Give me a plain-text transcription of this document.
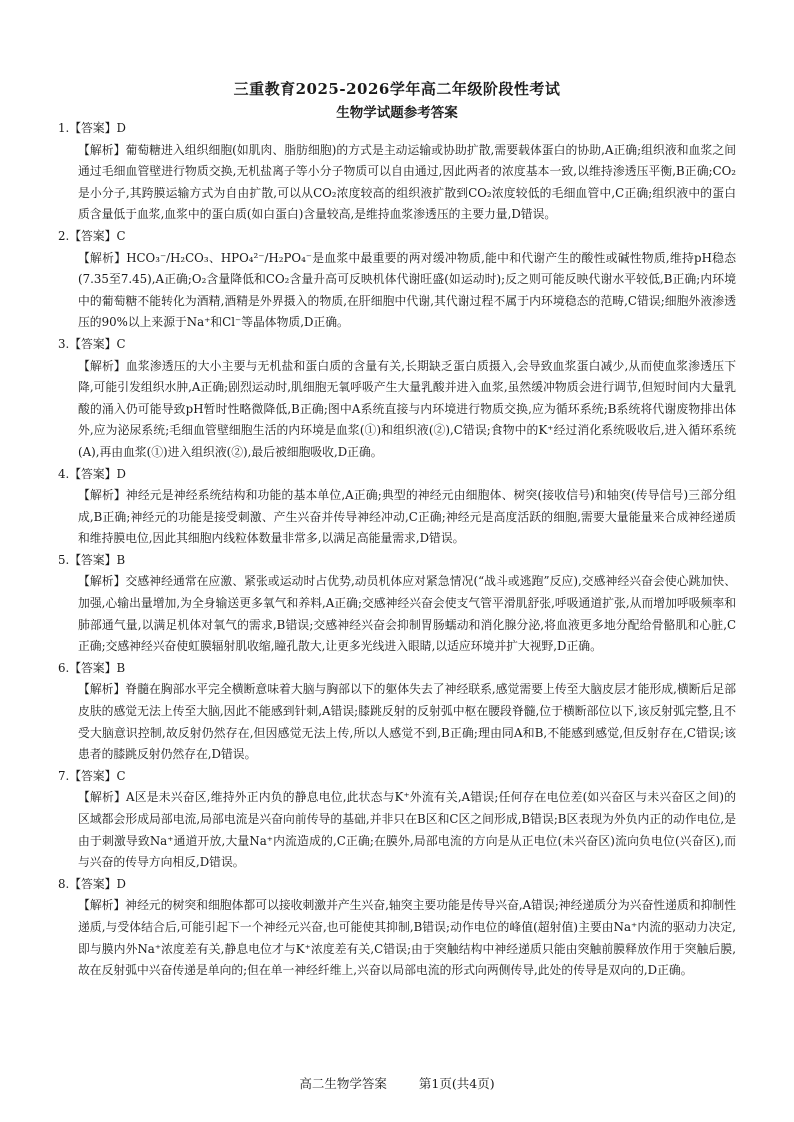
三重教育2025-2026学年高二年级阶段性考试
生物学试题参考答案
1.【答案】D
【解析】葡萄糖进入组织细胞(如肌肉、脂肪细胞)的方式是主动运输或协助扩散,需要载体蛋白的协助,A正确;组织液和血浆之间通过毛细血管壁进行物质交换,无机盐离子等小分子物质可以自由通过,因此两者的浓度基本一致,以维持渗透压平衡,B正确;CO₂是小分子,其跨膜运输方式为自由扩散,可以从CO₂浓度较高的组织液扩散到CO₂浓度较低的毛细血管中,C正确;组织液中的蛋白质含量低于血浆,血浆中的蛋白质(如白蛋白)含量较高,是维持血浆渗透压的主要力量,D错误。
2.【答案】C
【解析】HCO₃⁻/H₂CO₃、HPO₄²⁻/H₂PO₄⁻是血浆中最重要的两对缓冲物质,能中和代谢产生的酸性或碱性物质,维持pH稳态(7.35至7.45),A正确;O₂含量降低和CO₂含量升高可反映机体代谢旺盛(如运动时);反之则可能反映代谢水平较低,B正确;内环境中的葡萄糖不能转化为酒精,酒精是外界摄入的物质,在肝细胞中代谢,其代谢过程不属于内环境稳态的范畴,C错误;细胞外液渗透压的90%以上来源于Na⁺和Cl⁻等晶体物质,D正确。
3.【答案】C
【解析】血浆渗透压的大小主要与无机盐和蛋白质的含量有关,长期缺乏蛋白质摄入,会导致血浆蛋白减少,从而使血浆渗透压下降,可能引发组织水肿,A正确;剧烈运动时,肌细胞无氧呼吸产生大量乳酸并进入血浆,虽然缓冲物质会进行调节,但短时间内大量乳酸的涌入仍可能导致pH暂时性略微降低,B正确;图中A系统直接与内环境进行物质交换,应为循环系统;B系统将代谢废物排出体外,应为泌尿系统;毛细血管壁细胞生活的内环境是血浆(①)和组织液(②),C错误;食物中的K⁺经过消化系统吸收后,进入循环系统(A),再由血浆(①)进入组织液(②),最后被细胞吸收,D正确。
4.【答案】D
【解析】神经元是神经系统结构和功能的基本单位,A正确;典型的神经元由细胞体、树突(接收信号)和轴突(传导信号)三部分组成,B正确;神经元的功能是接受刺激、产生兴奋并传导神经冲动,C正确;神经元是高度活跃的细胞,需要大量能量来合成神经递质和维持膜电位,因此其细胞内线粒体数量非常多,以满足高能量需求,D错误。
5.【答案】B
【解析】交感神经通常在应激、紧张或运动时占优势,动员机体应对紧急情况(“战斗或逃跑”反应),交感神经兴奋会使心跳加快、加强,心输出量增加,为全身输送更多氧气和养料,A正确;交感神经兴奋会使支气管平滑肌舒张,呼吸通道扩张,从而增加呼吸频率和肺部通气量,以满足机体对氧气的需求,B错误;交感神经兴奋会抑制胃肠蠕动和消化腺分泌,将血液更多地分配给骨骼肌和心脏,C正确;交感神经兴奋使虹膜辐射肌收缩,瞳孔散大,让更多光线进入眼睛,以适应环境并扩大视野,D正确。
6.【答案】B
【解析】脊髓在胸部水平完全横断意味着大脑与胸部以下的躯体失去了神经联系,感觉需要上传至大脑皮层才能形成,横断后足部皮肤的感觉无法上传至大脑,因此不能感到针刺,A错误;膝跳反射的反射弧中枢在腰段脊髓,位于横断部位以下,该反射弧完整,且不受大脑意识控制,故反射仍然存在,但因感觉无法上传,所以人感觉不到,B正确;理由同A和B,不能感到感觉,但反射存在,C错误;该患者的膝跳反射仍然存在,D错误。
7.【答案】C
【解析】A区是未兴奋区,维持外正内负的静息电位,此状态与K⁺外流有关,A错误;任何存在电位差(如兴奋区与未兴奋区之间)的区域都会形成局部电流,局部电流是兴奋向前传导的基础,并非只在B区和C区之间形成,B错误;B区表现为外负内正的动作电位,是由于刺激导致Na⁺通道开放,大量Na⁺内流造成的,C正确;在膜外,局部电流的方向是从正电位(未兴奋区)流向负电位(兴奋区),而与兴奋的传导方向相反,D错误。
8.【答案】D
【解析】神经元的树突和细胞体都可以接收刺激并产生兴奋,轴突主要功能是传导兴奋,A错误;神经递质分为兴奋性递质和抑制性递质,与受体结合后,可能引起下一个神经元兴奋,也可能使其抑制,B错误;动作电位的峰值(超射值)主要由Na⁺内流的驱动力决定,即与膜内外Na⁺浓度差有关,静息电位才与K⁺浓度差有关,C错误;由于突触结构中神经递质只能由突触前膜释放作用于突触后膜,故在反射弧中兴奋传递是单向的;但在单一神经纤维上,兴奋以局部电流的形式向两侧传导,此处的传导是双向的,D正确。
高二生物学答案	第1页(共4页)
